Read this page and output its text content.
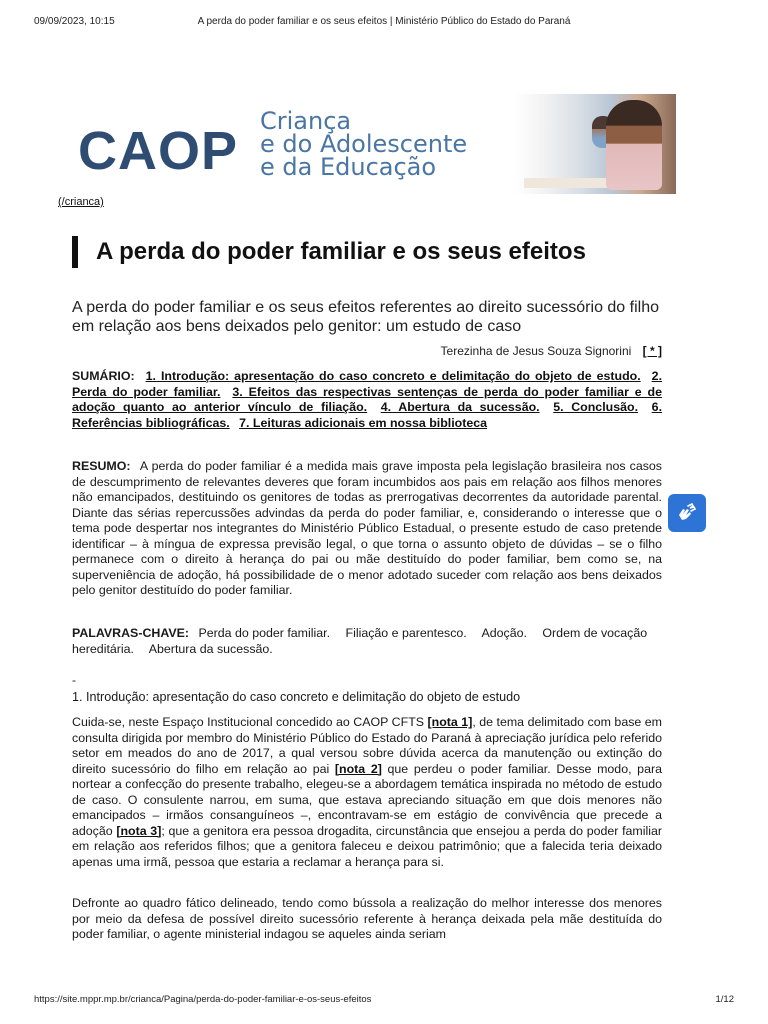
09/09/2023, 10:15	A perda do poder familiar e os seus efeitos | Ministério Público do Estado do Paraná
CAOP Criança
e do Adolescente
e da Educação
(/crianca)
A perda do poder familiar e os seus efeitos
A perda do poder familiar e os seus efeitos referentes ao direito sucessório do filho em relação aos bens deixados pelo genitor: um estudo de caso
Terezinha de Jesus Souza Signorini [ * ]
SUMÁRIO: 1. Introdução: apresentação do caso concreto e delimitação do objeto de estudo. 2. Perda do poder familiar. 3. Efeitos das respectivas sentenças de perda do poder familiar e de adoção quanto ao anterior vínculo de filiação. 4. Abertura da sucessão. 5. Conclusão. 6. Referências bibliográficas. 7. Leituras adicionais em nossa biblioteca
RESUMO: A perda do poder familiar é a medida mais grave imposta pela legislação brasileira nos casos de descumprimento de relevantes deveres que foram incumbidos aos pais em relação aos filhos menores não emancipados, destituindo os genitores de todas as prerrogativas decorrentes da autoridade parental. Diante das sérias repercussões advindas da perda do poder familiar, e, considerando o interesse que o tema pode despertar nos integrantes do Ministério Público Estadual, o presente estudo de caso pretende identificar – à míngua de expressa previsão legal, o que torna o assunto objeto de dúvidas – se o filho permanece com o direito à herança do pai ou mãe destituído do poder familiar, bem como se, na superveniência de adoção, há possibilidade de o menor adotado suceder com relação aos bens deixados pelo genitor destituído do poder familiar.
PALAVRAS-CHAVE: Perda do poder familiar. Filiação e parentesco. Adoção. Ordem de vocação hereditária. Abertura da sucessão.
-
1. Introdução: apresentação do caso concreto e delimitação do objeto de estudo
Cuida-se, neste Espaço Institucional concedido ao CAOP CFTS [nota 1], de tema delimitado com base em consulta dirigida por membro do Ministério Público do Estado do Paraná à apreciação jurídica pelo referido setor em meados do ano de 2017, a qual versou sobre dúvida acerca da manutenção ou extinção do direito sucessório do filho em relação ao pai [nota 2] que perdeu o poder familiar. Desse modo, para nortear a confecção do presente trabalho, elegeu-se a abordagem temática inspirada no método de estudo de caso. O consulente narrou, em suma, que estava apreciando situação em que dois menores não emancipados – irmãos consanguíneos –, encontravam-se em estágio de convivência que precede a adoção [nota 3]; que a genitora era pessoa drogadita, circunstância que ensejou a perda do poder familiar em relação aos referidos filhos; que a genitora faleceu e deixou patrimônio; que a falecida teria deixado apenas uma irmã, pessoa que estaria a reclamar a herança para si.
Defronte ao quadro fático delineado, tendo como bússola a realização do melhor interesse dos menores por meio da defesa de possível direito sucessório referente à herança deixada pela mãe destituída do poder familiar, o agente ministerial indagou se aqueles ainda seriam
https://site.mppr.mp.br/crianca/Pagina/perda-do-poder-familiar-e-os-seus-efeitos	1/12
